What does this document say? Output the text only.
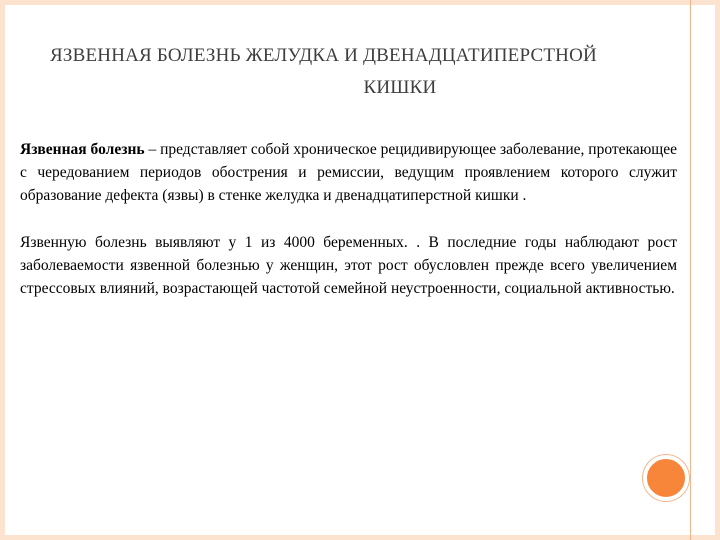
ЯЗВЕННАЯ БОЛЕЗНЬ ЖЕЛУДКА И ДВЕНАДЦАТИПЕРСТНОЙ
КИШКИ

Язвенная болезнь – представляет собой хроническое рецидивирующее заболевание, протекающее с чередованием периодов обострения и ремиссии, ведущим проявлением которого служит образование дефекта (язвы) в стенке желудка и двенадцатиперстной кишки .

Язвенную болезнь выявляют у 1 из 4000 беременных. . В последние годы наблюдают рост заболеваемости язвенной болезнью у женщин, этот рост обусловлен прежде всего увеличением стрессовых влияний, возрастающей частотой семейной неустроенности, социальной активностью.
